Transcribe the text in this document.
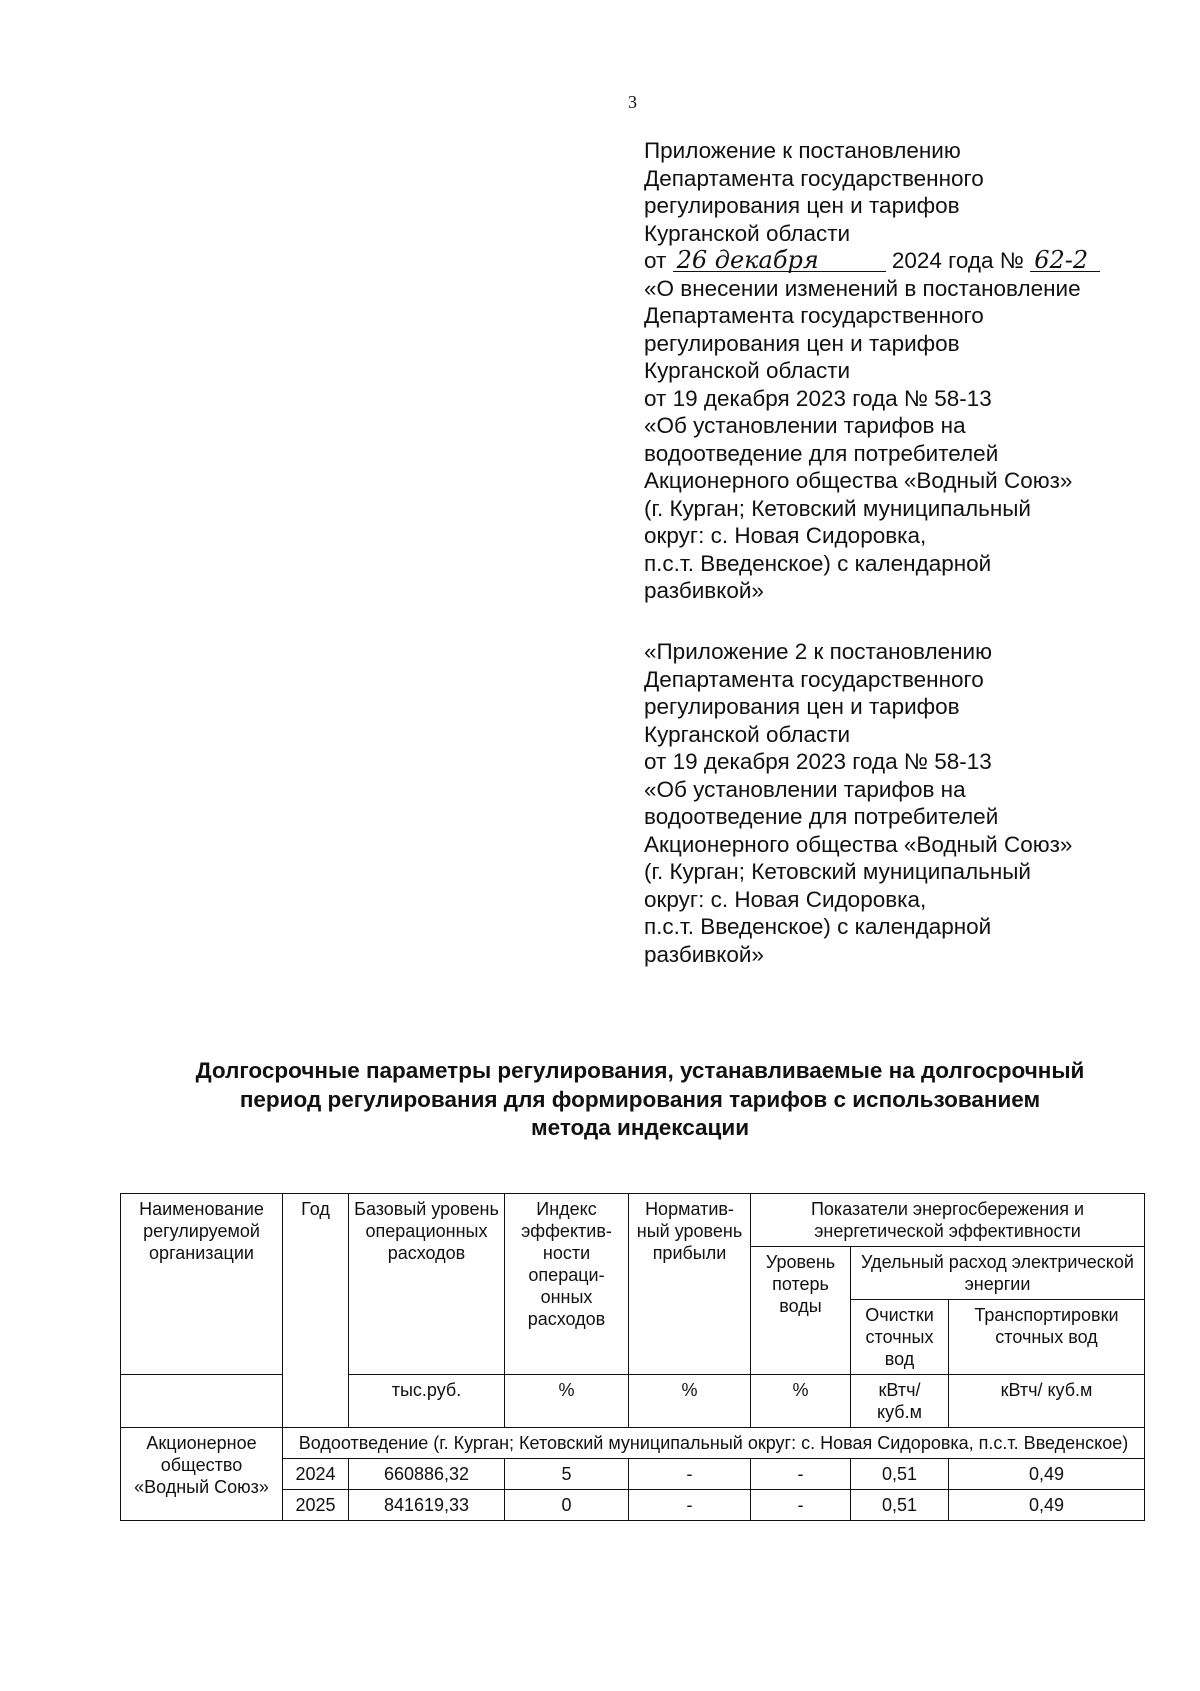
3
Приложение к постановлению
Департамента государственного
регулирования цен и тарифов
Курганской области
от 26 декабря	2024 года № 62-2
«О внесении изменений в постановление
Департамента государственного
регулирования цен и тарифов
Курганской области
от 19 декабря 2023 года № 58-13
«Об установлении тарифов на
водоотведение для потребителей
Акционерного общества «Водный Союз»
(г. Курган; Кетовский муниципальный
округ: с. Новая Сидоровка,
п.с.т. Введенское) с календарной
разбивкой»
«Приложение 2 к постановлению
Департамента государственного
регулирования цен и тарифов
Курганской области
от 19 декабря 2023 года № 58-13
«Об установлении тарифов на
водоотведение для потребителей
Акционерного общества «Водный Союз»
(г. Курган; Кетовский муниципальный
округ: с. Новая Сидоровка,
п.с.т. Введенское) с календарной
разбивкой»
Долгосрочные параметры регулирования, устанавливаемые на долгосрочный
период регулирования для формирования тарифов с использованием
метода индексации
Наименование регулируемой организации	Год	Базовый уровень операционных расходов	Индекс эффектив-ности операци-онных расходов	Норматив-ный уровень прибыли	Показатели энергосбережения и энергетической эффективности		
					Уровень потерь воды	Удельный расход электрической энергии	
						Очистки сточных вод	Транспортировки сточных вод
		тыс.руб.	%	%	%	кВтч/ куб.м	кВтч/ куб.м
Акционерное общество «Водный Союз»	Водоотведение (г. Курган; Кетовский муниципальный округ: с. Новая Сидоровка, п.с.т. Введенское)						
	2024	660886,32	5	-	-	0,51	0,49
	2025	841619,33	0	-	-	0,51	0,49
